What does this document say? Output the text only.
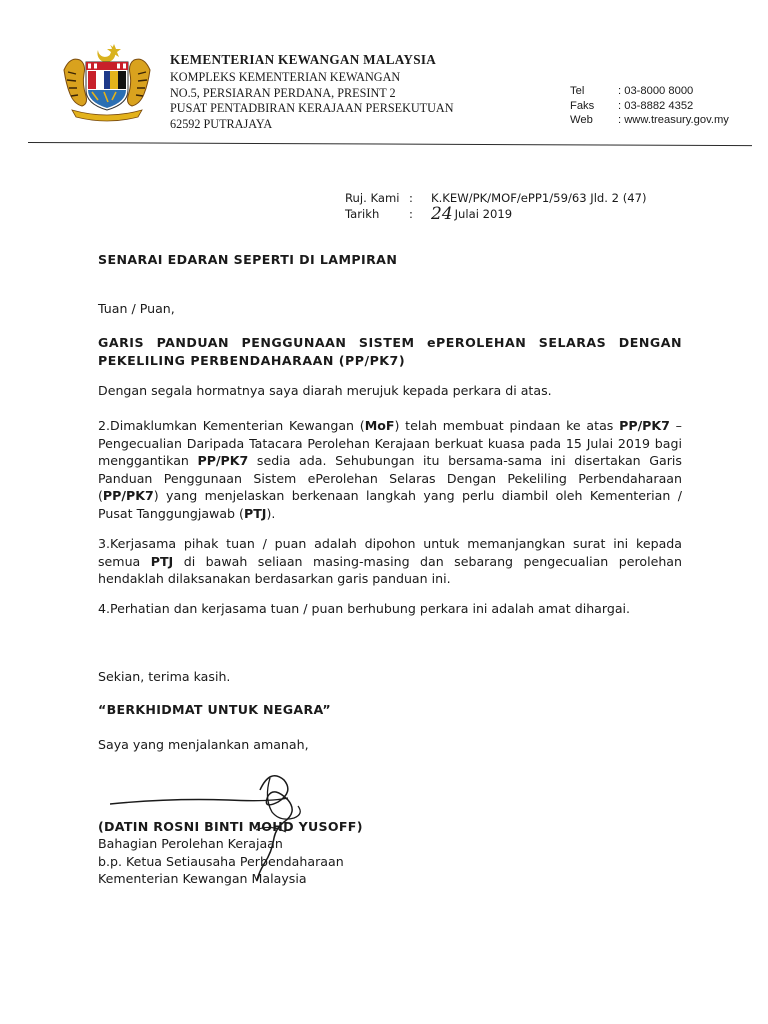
KEMENTERIAN KEWANGAN MALAYSIA
KOMPLEKS KEMENTERIAN KEWANGAN
NO.5, PERSIARAN PERDANA, PRESINT 2
PUSAT PENTADBIRAN KERAJAAN PERSEKUTUAN
62592 PUTRAJAYA
Tel	: 03-8000 8000
Faks	: 03-8882 4352
Web	: www.treasury.gov.my
Ruj. Kami :	K.KEW/PK/MOF/ePP1/59/63 Jld. 2 (47)
Tarikh	:	24 Julai 2019
SENARAI EDARAN SEPERTI DI LAMPIRAN
Tuan / Puan,
GARIS PANDUAN PENGGUNAAN SISTEM ePEROLEHAN SELARAS DENGAN PEKELILING PERBENDAHARAAN (PP/PK7)
Dengan segala hormatnya saya diarah merujuk kepada perkara di atas.
2.Dimaklumkan Kementerian Kewangan (MoF) telah membuat pindaan ke atas PP/PK7 – Pengecualian Daripada Tatacara Perolehan Kerajaan berkuat kuasa pada 15 Julai 2019 bagi menggantikan PP/PK7 sedia ada. Sehubungan itu bersama-sama ini disertakan Garis Panduan Penggunaan Sistem ePerolehan Selaras Dengan Pekeliling Perbendaharaan (PP/PK7) yang menjelaskan berkenaan langkah yang perlu diambil oleh Kementerian / Pusat Tanggungjawab (PTJ).
3.Kerjasama pihak tuan / puan adalah dipohon untuk memanjangkan surat ini kepada semua PTJ di bawah seliaan masing-masing dan sebarang pengecualian perolehan hendaklah dilaksanakan berdasarkan garis panduan ini.
4.Perhatian dan kerjasama tuan / puan berhubung perkara ini adalah amat dihargai.
Sekian, terima kasih.
“BERKHIDMAT UNTUK NEGARA”
Saya yang menjalankan amanah,
(DATIN ROSNI BINTI MOHD YUSOFF)
Bahagian Perolehan Kerajaan
b.p. Ketua Setiausaha Perbendaharaan
Kementerian Kewangan Malaysia
